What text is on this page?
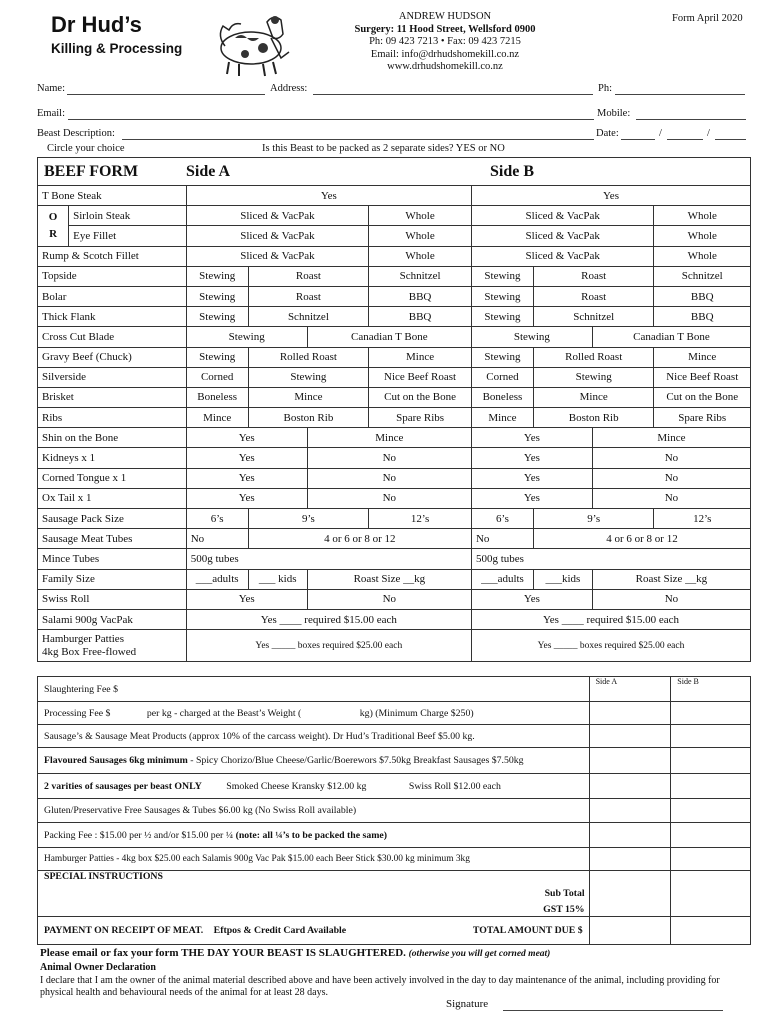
Dr Hud’s
Killing & Processing
ANDREW HUDSON
Surgery: 11 Hood Street, Wellsford 0900
Ph: 09 423 7213 • Fax: 09 423 7215
Email: info@drhudshomekill.co.nz
www.drhudshomekill.co.nz
Form April 2020
Name:	Address:	Ph:
Email:	Mobile:
Beast Description:	Date:	/	/
Circle your choice	Is this Beast to be packed as 2 separate sides? YES or NO
BEEF FORM	Side A	Side B
T Bone Steak		Yes				Yes			
O
R	Sirloin Steak	Sliced & VacPak			Whole	Sliced & VacPak			Whole
	Eye Fillet	Sliced & VacPak			Whole	Sliced & VacPak			Whole
Rump & Scotch Fillet		Sliced & VacPak			Whole	Sliced & VacPak			Whole
Topside		Stewing	Roast		Schnitzel	Stewing	Roast		Schnitzel
Bolar		Stewing	Roast		BBQ	Stewing	Roast		BBQ
Thick Flank		Stewing	Schnitzel		BBQ	Stewing	Schnitzel		BBQ
Cross Cut Blade		Stewing		Canadian T Bone		Stewing		Canadian T Bone	
Gravy Beef (Chuck)		Stewing	Rolled Roast		Mince	Stewing	Rolled Roast		Mince
Silverside		Corned	Stewing		Nice Beef Roast	Corned	Stewing		Nice Beef Roast
Brisket		Boneless	Mince		Cut on the Bone	Boneless	Mince		Cut on the Bone
Ribs		Mince	Boston Rib		Spare Ribs	Mince	Boston Rib		Spare Ribs
Shin on the Bone		Yes		Mince		Yes		Mince	
Kidneys x 1		Yes		No		Yes		No	
Corned Tongue x 1		Yes		No		Yes		No	
Ox Tail x 1		Yes		No		Yes		No	
Sausage Pack Size		6’s	9’s		12’s	6’s	9’s		12’s
Sausage Meat Tubes		No	4 or 6 or 8 or 12			No	4 or 6 or 8 or 12		
Mince Tubes		500g tubes				500g tubes			
Family Size		___adults	___ kids	Roast Size __kg		___adults	___kids	Roast Size __kg	
Swiss Roll		Yes		No		Yes		No	
Salami 900g VacPak		Yes ____ required $15.00 each				Yes ____ required $15.00 each			

Hamburger Patties
4kg Box Free-flowed		Yes _____ boxes required $25.00 each				Yes _____ boxes required $25.00 each			
Slaughtering Fee $	Side A	Side B
Processing Fee $ per kg - charged at the Beast’s Weight ( kg) (Minimum Charge $250)		
Sausage’s & Sausage Meat Products (approx 10% of the carcass weight). Dr Hud’s Traditional Beef $5.00 kg.		
Flavoured Sausages 6kg minimum - Spicy Chorizo/Blue Cheese/Garlic/Boerewors $7.50kg Breakfast Sausages $7.50kg		
2 varities of sausages per beast ONLY Smoked Cheese Kransky $12.00 kg Swiss Roll $12.00 each		
Gluten/Preservative Free Sausages & Tubes $6.00 kg (No Swiss Roll available)		
Packing Fee : $15.00 per ½ and/or $15.00 per ¼ (note: all ¼’s to be packed the same)		
Hamburger Patties - 4kg box $25.00 each Salamis 900g Vac Pak $15.00 each Beer Stick $30.00 kg minimum 3kg		

SPECIAL INSTRUCTIONS
Sub Total
GST 15%		

PAYMENT ON RECEIPT OF MEAT. Eftpos & Credit Card Available TOTAL AMOUNT DUE $		

Please email or fax your form THE DAY YOUR BEAST IS SLAUGHTERED. (otherwise you will get corned meat)
Animal Owner Declaration
I declare that I am the owner of the animal material described above and have been actively involved in the day to day maintenance of the animal, including providing for physical health and behavioural needs of the animal for at least 28 days.
Signature
